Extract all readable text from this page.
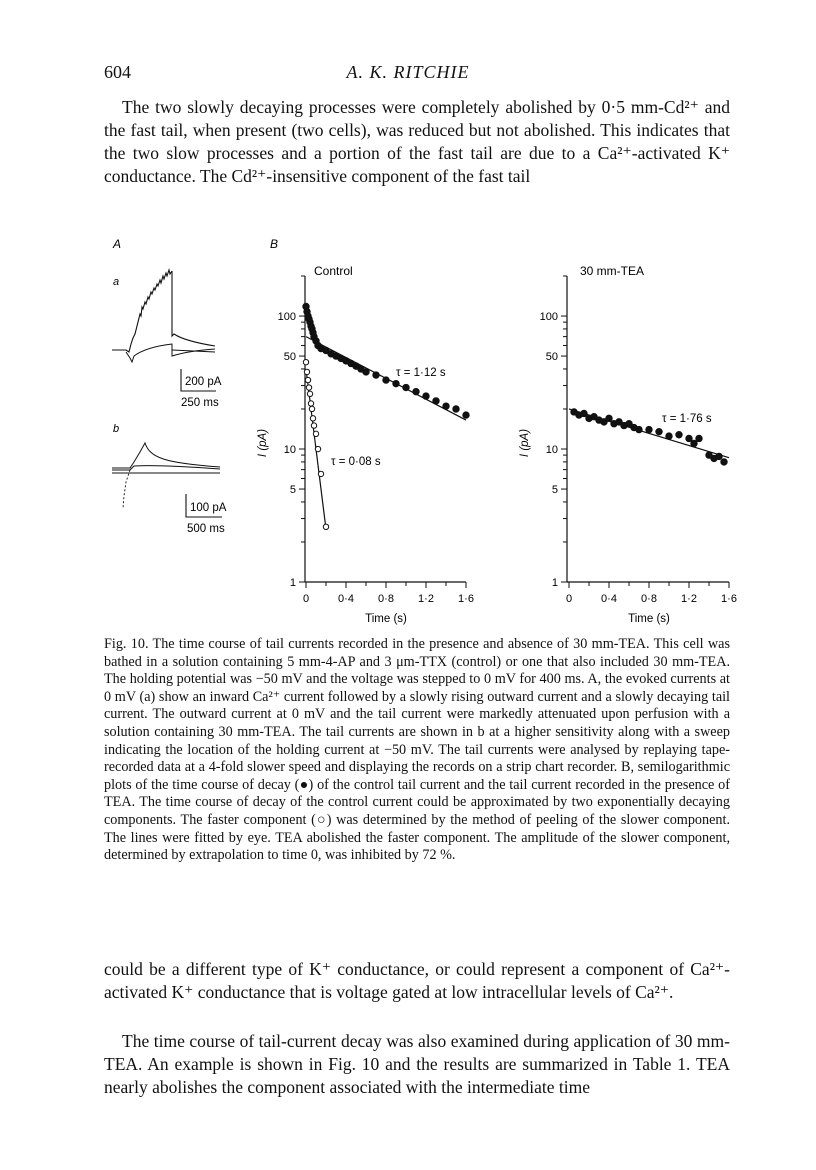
604	A. K. RITCHIE

The two slowly decaying processes were completely abolished by 0·5 mm-Cd²⁺ and the fast tail, when present (two cells), was reduced but not abolished. This indicates that the two slow processes and a portion of the fast tail are due to a Ca²⁺-activated K⁺ conductance. The Cd²⁺-insensitive component of the fast tail

A	B
a
200 pA
250 ms
b
100 pA
500 ms
1
5
10
50
100
0	0·4 0·8 1·2 1·6
Time (s)
I (pA)
Control
τ = 1·12 s
τ = 0·08 s
1
5
10
50
100
0	0·4 0·8 1·2 1·6
Time (s)
I (pA)
30 mm-TEA
τ = 1·76 s

Fig. 10. The time course of tail currents recorded in the presence and absence of 30 mm-TEA. This cell was bathed in a solution containing 5 mm-4-AP and 3 μm-TTX (control) or one that also included 30 mm-TEA. The holding potential was −50 mV and the voltage was stepped to 0 mV for 400 ms. A, the evoked currents at 0 mV (a) show an inward Ca²⁺ current followed by a slowly rising outward current and a slowly decaying tail current. The outward current at 0 mV and the tail current were markedly attenuated upon perfusion with a solution containing 30 mm-TEA. The tail currents are shown in b at a higher sensitivity along with a sweep indicating the location of the holding current at −50 mV. The tail currents were analysed by replaying tape-recorded data at a 4-fold slower speed and displaying the records on a strip chart recorder. B, semilogarithmic plots of the time course of decay (●) of the control tail current and the tail current recorded in the presence of TEA. The time course of decay of the control current could be approximated by two exponentially decaying components. The faster component (○) was determined by the method of peeling of the slower component. The lines were fitted by eye. TEA abolished the faster component. The amplitude of the slower component, determined by extrapolation to time 0, was inhibited by 72 %.

could be a different type of K⁺ conductance, or could represent a component of Ca²⁺-activated K⁺ conductance that is voltage gated at low intracellular levels of Ca²⁺.

The time course of tail-current decay was also examined during application of 30 mm-TEA. An example is shown in Fig. 10 and the results are summarized in Table 1. TEA nearly abolishes the component associated with the intermediate time
